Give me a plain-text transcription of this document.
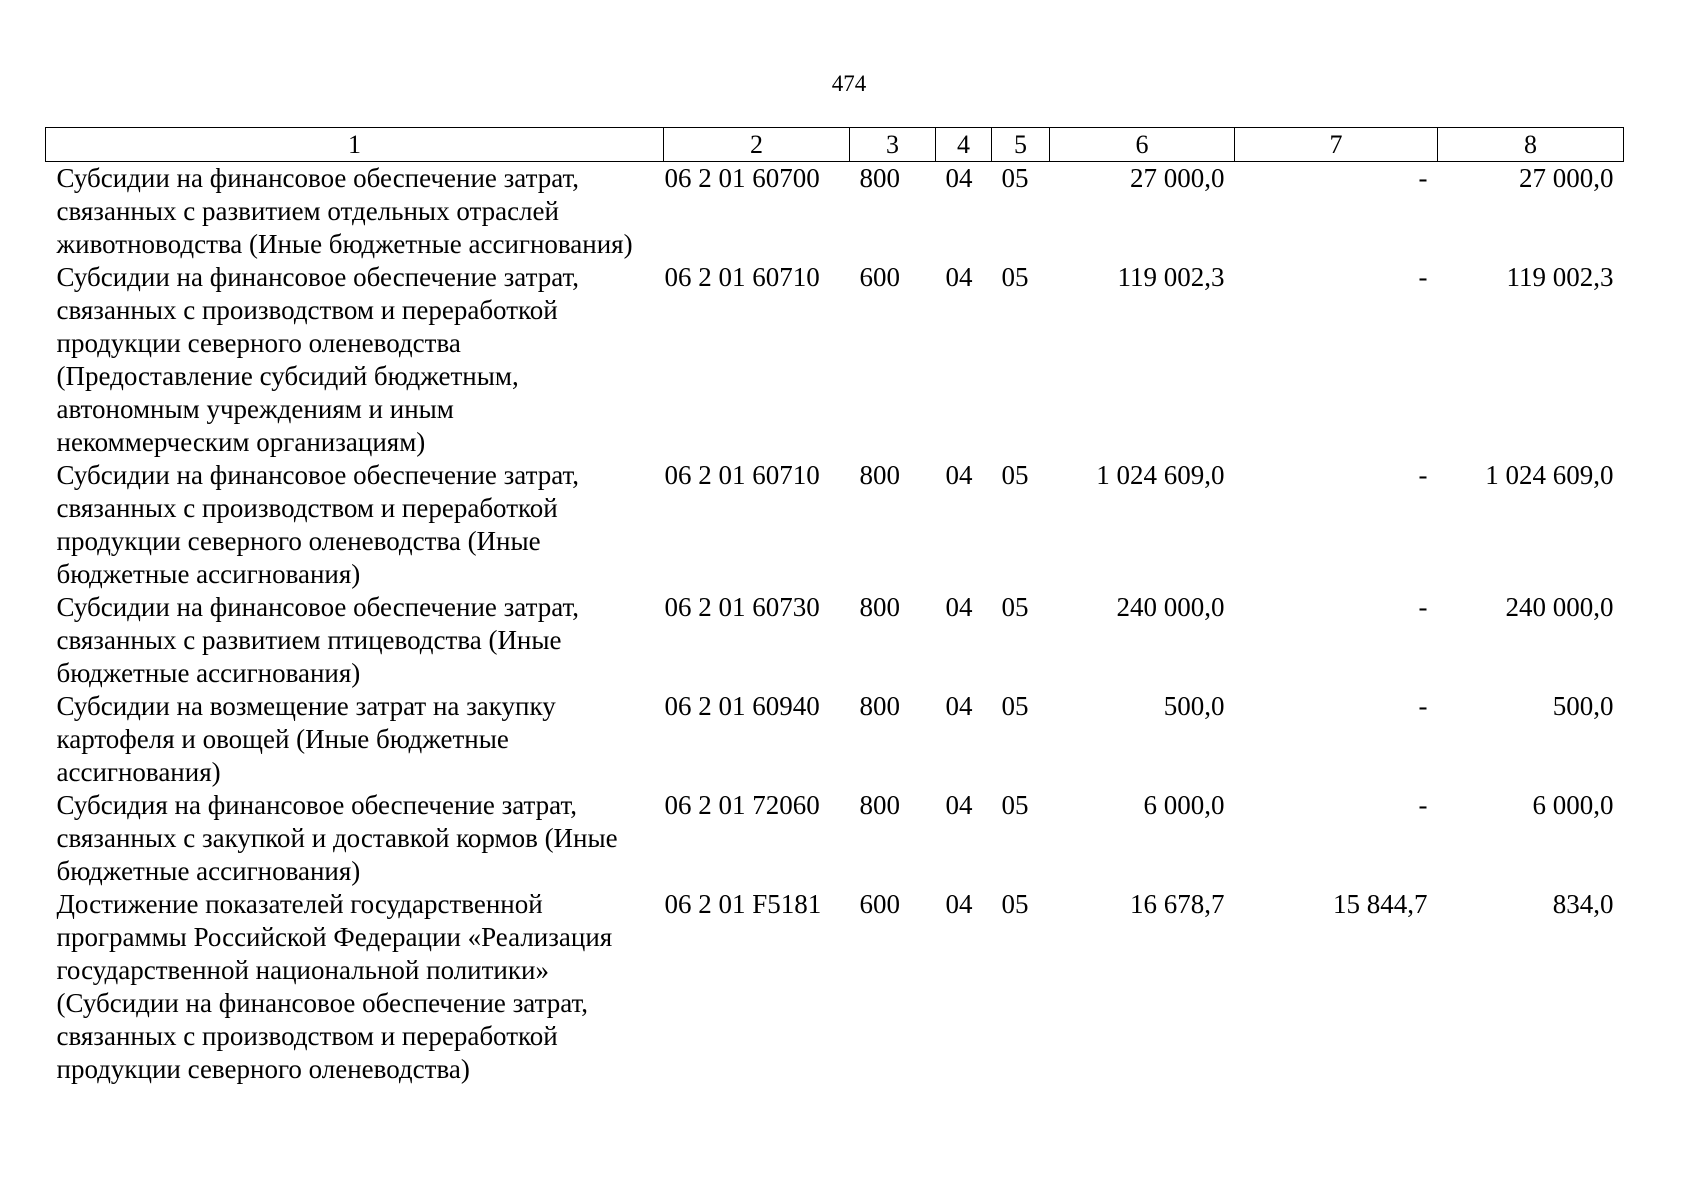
474
1	2	3	4	5	6	7	8
Субсидии на финансовое обеспечение затрат, связанных с развитием отдельных отраслей животноводства (Иные бюджетные ассигнования)	06 2 01 60700	800	04	05	27 000,0	-	27 000,0
Субсидии на финансовое обеспечение затрат, связанных с производством и переработкой продукции северного оленеводства (Предоставление субсидий бюджетным, автономным учреждениям и иным некоммерческим организациям)	06 2 01 60710	600	04	05	119 002,3	-	119 002,3
Субсидии на финансовое обеспечение затрат, связанных с производством и переработкой продукции северного оленеводства (Иные бюджетные ассигнования)	06 2 01 60710	800	04	05	1 024 609,0	-	1 024 609,0
Субсидии на финансовое обеспечение затрат, связанных с развитием птицеводства (Иные бюджетные ассигнования)	06 2 01 60730	800	04	05	240 000,0	-	240 000,0
Субсидии на возмещение затрат на закупку картофеля и овощей (Иные бюджетные ассигнования)	06 2 01 60940	800	04	05	500,0	-	500,0
Субсидия на финансовое обеспечение затрат, связанных с закупкой и доставкой кормов (Иные бюджетные ассигнования)	06 2 01 72060	800	04	05	6 000,0	-	6 000,0
Достижение показателей государственной программы Российской Федерации «Реализация государственной национальной политики» (Субсидии на финансовое обеспечение затрат, связанных с производством и переработкой продукции северного оленеводства)	06 2 01 F5181	600	04	05	16 678,7	15 844,7	834,0
